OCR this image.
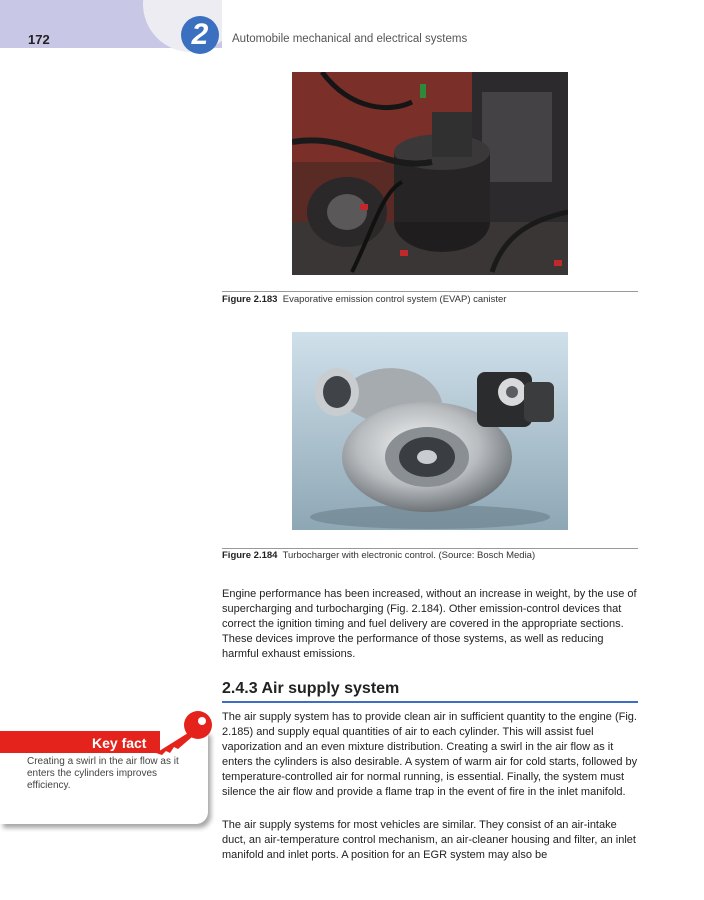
172	2	Automobile mechanical and electrical systems
Figure 2.183 Evaporative emission control system (EVAP) canister
Figure 2.184 Turbocharger with electronic control. (Source: Bosch Media)

Engine performance has been increased, without an increase in weight, by the use of supercharging and turbocharging (Fig. 2.184). Other emission-control devices that correct the ignition timing and fuel delivery are covered in the appropriate sections. These devices improve the performance of those systems, as well as reducing harmful exhaust emissions.

2.4.3 Air supply system

The air supply system has to provide clean air in sufficient quantity to the engine (Fig. 2.185) and supply equal quantities of air to each cylinder. This will assist fuel vaporization and an even mixture distribution. Creating a swirl in the air flow as it enters the cylinders is also desirable. A system of warm air for cold starts, followed by temperature-controlled air for normal running, is essential. Finally, the system must silence the air flow and provide a flame trap in the event of fire in the inlet manifold.

The air supply systems for most vehicles are similar. They consist of an air-intake duct, an air-temperature control mechanism, an air-cleaner housing and filter, an inlet manifold and inlet ports. A position for an EGR system may also be

Key fact
Creating a swirl in the air flow as it enters the cylinders improves efficiency.
